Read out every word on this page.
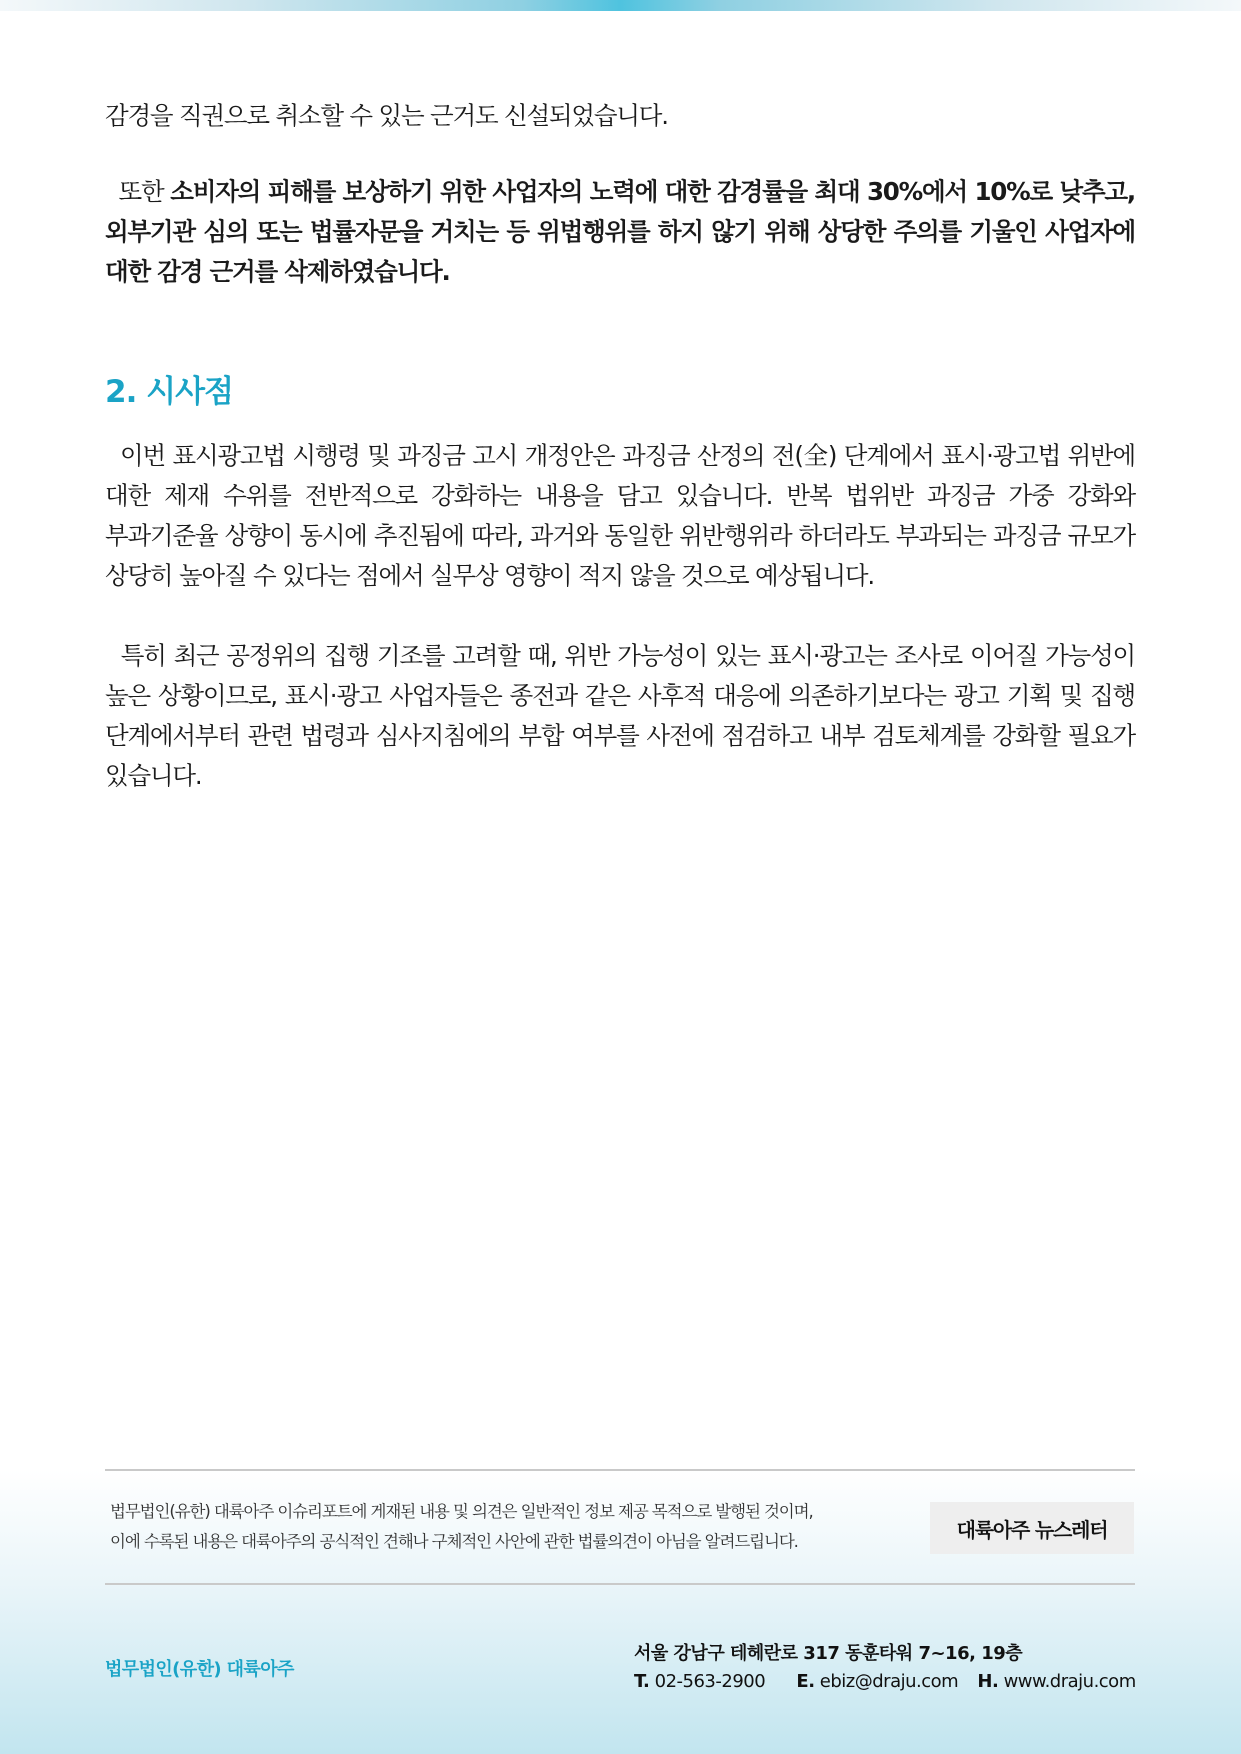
감경을 직권으로 취소할 수 있는 근거도 신설되었습니다.

또한 소비자의 피해를 보상하기 위한 사업자의 노력에 대한 감경률을 최대 30%에서 10%로 낮추고, 외부기관 심의 또는 법률자문을 거치는 등 위법행위를 하지 않기 위해 상당한 주의를 기울인 사업자에 대한 감경 근거를 삭제하였습니다.

2. 시사점

이번 표시광고법 시행령 및 과징금 고시 개정안은 과징금 산정의 전(全) 단계에서 표시·광고법 위반에 대한 제재 수위를 전반적으로 강화하는 내용을 담고 있습니다. 반복 법위반 과징금 가중 강화와 부과기준율 상향이 동시에 추진됨에 따라, 과거와 동일한 위반행위라 하더라도 부과되는 과징금 규모가 상당히 높아질 수 있다는 점에서 실무상 영향이 적지 않을 것으로 예상됩니다.

특히 최근 공정위의 집행 기조를 고려할 때, 위반 가능성이 있는 표시·광고는 조사로 이어질 가능성이 높은 상황이므로, 표시·광고 사업자들은 종전과 같은 사후적 대응에 의존하기보다는 광고 기획 및 집행 단계에서부터 관련 법령과 심사지침에의 부합 여부를 사전에 점검하고 내부 검토체계를 강화할 필요가 있습니다.

법무법인(유한) 대륙아주 이슈리포트에 게재된 내용 및 의견은 일반적인 정보 제공 목적으로 발행된 것이며,
이에 수록된 내용은 대륙아주의 공식적인 견해나 구체적인 사안에 관한 법률의견이 아님을 알려드립니다.	대륙아주 뉴스레터
법무법인(유한) 대륙아주
서울 강남구 테헤란로 317 동훈타워 7~16, 19층
T. 02-563-2900 E. ebiz@draju.com H. www.draju.com
